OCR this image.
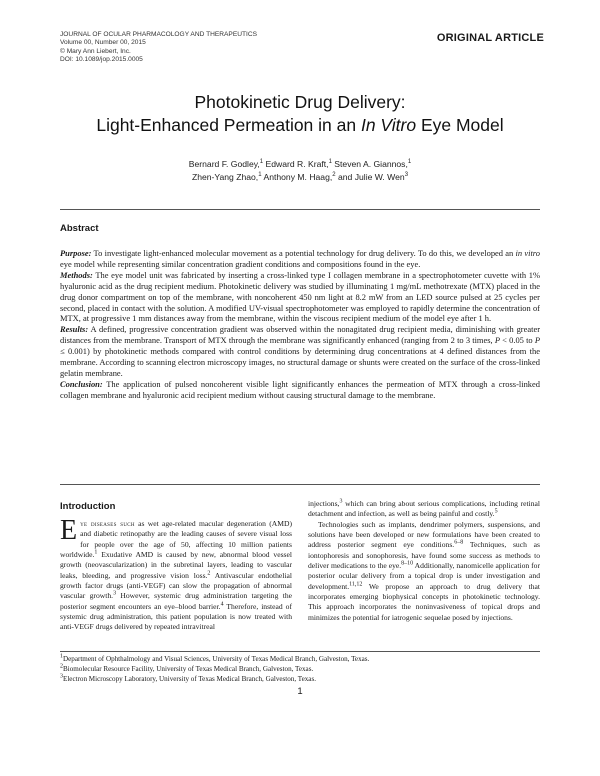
JOURNAL OF OCULAR PHARMACOLOGY AND THERAPEUTICS
Volume 00, Number 00, 2015
© Mary Ann Liebert, Inc.
DOI: 10.1089/jop.2015.0005
ORIGINAL ARTICLE
Photokinetic Drug Delivery:
Light-Enhanced Permeation in an In Vitro Eye Model
Bernard F. Godley,$^1$ Edward R. Kraft,$^1$ Steven A. Giannos,$^1$
Zhen-Yang Zhao,$^1$ Anthony M. Haag,$^2$ and Julie W. Wen$^3$
Abstract

Purpose: To investigate light-enhanced molecular movement as a potential technology for drug delivery. To do this, we developed an in vitro eye model while representing similar concentration gradient conditions and compositions found in the eye.

Methods: The eye model unit was fabricated by inserting a cross-linked type I collagen membrane in a spectrophotometer cuvette with 1% hyaluronic acid as the drug recipient medium. Photokinetic delivery was studied by illuminating 1 mg/mL methotrexate (MTX) placed in the drug donor compartment on top of the membrane, with noncoherent 450 nm light at 8.2 mW from an LED source pulsed at 25 cycles per second, placed in contact with the solution. A modified UV-visual spectrophotometer was employed to rapidly determine the concentration of MTX, at progressive 1 mm distances away from the membrane, within the viscous recipient medium of the model eye after 1 h.

Results: A defined, progressive concentration gradient was observed within the nonagitated drug recipient media, diminishing with greater distances from the membrane. Transport of MTX through the membrane was significantly enhanced (ranging from 2 to 3 times, P < 0.05 to P ≤ 0.001) by photokinetic methods compared with control conditions by determining drug concentrations at 4 defined distances from the membrane. According to scanning electron microscopy images, no structural damage or shunts were created on the surface of the cross-linked gelatin membrane.

Conclusion: The application of pulsed noncoherent visible light significantly enhances the permeation of MTX through a cross-linked collagen membrane and hyaluronic acid recipient medium without causing structural damage to the membrane.

Introduction

Eye diseases such as wet age-related macular degeneration (AMD) and diabetic retinopathy are the leading causes of severe visual loss for people over the age of 50, affecting 10 million patients worldwide.$^1$ Exudative AMD is caused by new, abnormal blood vessel growth (neovascularization) in the subretinal layers, leading to vascular leaks, bleeding, and progressive vision loss.$^2$ Antivascular endothelial growth factor drugs (anti-VEGF) can slow the propagation of abnormal vascular growth.$^3$ However, systemic drug administration targeting the posterior segment encounters an eye–blood barrier.$^4$ Therefore, instead of systemic drug administration, this patient population is now treated with anti-VEGF drugs delivered by repeated intravitreal

injections,$^3$ which can bring about serious complications, including retinal detachment and infection, as well as being painful and costly.$^5$

Technologies such as implants, dendrimer polymers, suspensions, and solutions have been developed or new formulations have been created to address posterior segment eye conditions.$^{6-8}$ Techniques, such as iontophoresis and sonophoresis, have found some success as methods to deliver medications to the eye.$^{8-10}$ Additionally, nanomicelle application for posterior ocular delivery from a topical drop is under investigation and development.$^{11,12}$ We propose an approach to drug delivery that incorporates emerging biophysical concepts in photokinetic technology. This approach incorporates the noninvasiveness of topical drops and minimizes the potential for iatrogenic sequelae posed by injections.

$^1$Department of Ophthalmology and Visual Sciences, University of Texas Medical Branch, Galveston, Texas.
$^2$Biomolecular Resource Facility, University of Texas Medical Branch, Galveston, Texas.
$^3$Electron Microscopy Laboratory, University of Texas Medical Branch, Galveston, Texas.
1
